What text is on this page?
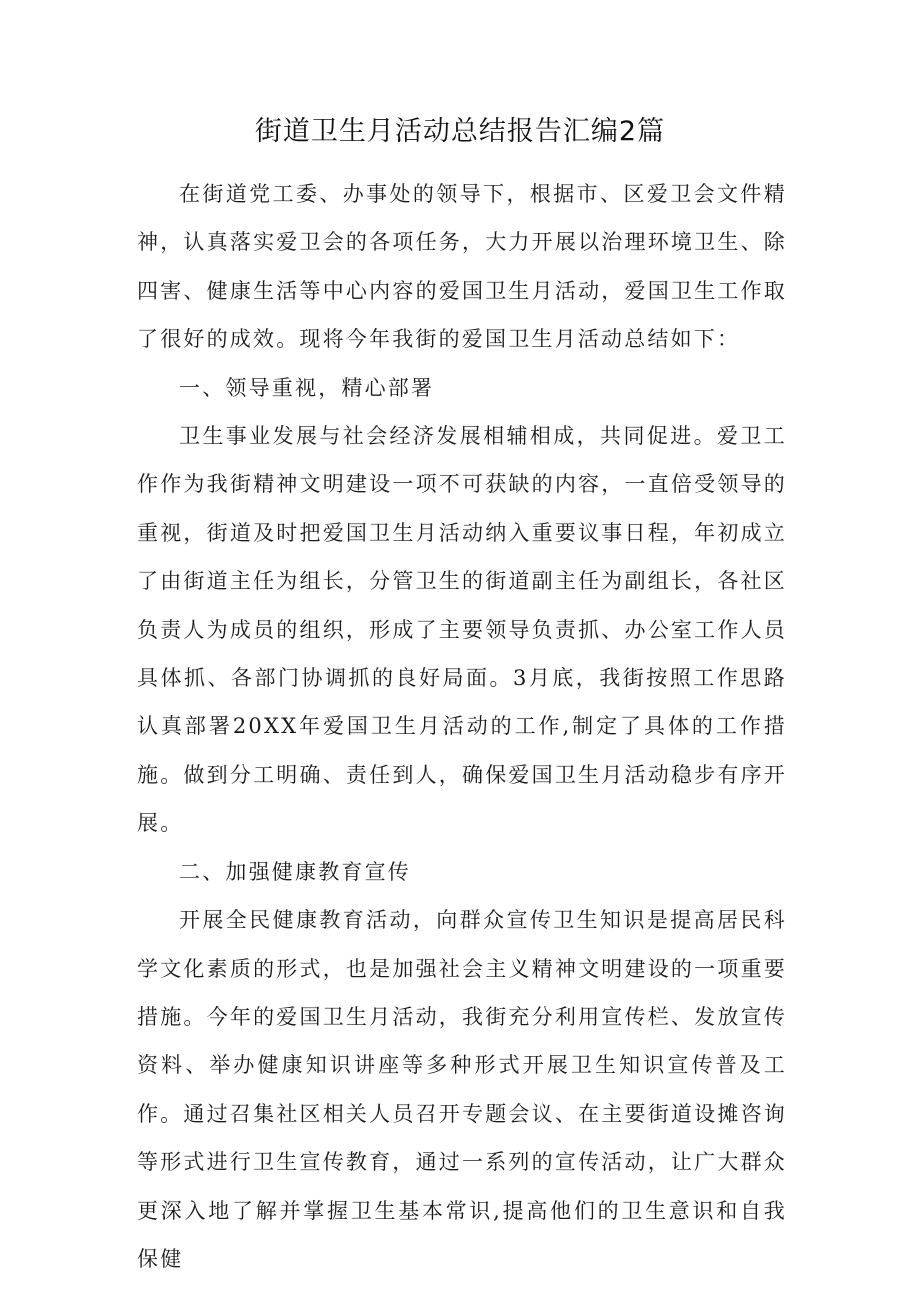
街道卫生月活动总结报告汇编2篇

在街道党工委、办事处的领导下，根据市、区爱卫会文件精神，认真落实爱卫会的各项任务，大力开展以治理环境卫生、除四害、健康生活等中心内容的爱国卫生月活动，爱国卫生工作取了很好的成效。现将今年我街的爱国卫生月活动总结如下：

一、领导重视，精心部署

卫生事业发展与社会经济发展相辅相成，共同促进。爱卫工作作为我街精神文明建设一项不可获缺的内容，一直倍受领导的重视，街道及时把爱国卫生月活动纳入重要议事日程，年初成立了由街道主任为组长，分管卫生的街道副主任为副组长，各社区负责人为成员的组织，形成了主要领导负责抓、办公室工作人员具体抓、各部门协调抓的良好局面。3月底，我街按照工作思路认真部署20XX年爱国卫生月活动的工作,制定了具体的工作措施。做到分工明确、责任到人，确保爱国卫生月活动稳步有序开展。

二、加强健康教育宣传

开展全民健康教育活动，向群众宣传卫生知识是提高居民科学文化素质的形式，也是加强社会主义精神文明建设的一项重要措施。今年的爱国卫生月活动，我街充分利用宣传栏、发放宣传资料、举办健康知识讲座等多种形式开展卫生知识宣传普及工作。通过召集社区相关人员召开专题会议、在主要街道设摊咨询等形式进行卫生宣传教育，通过一系列的宣传活动，让广大群众更深入地了解并掌握卫生基本常识,提高他们的卫生意识和自我保健
